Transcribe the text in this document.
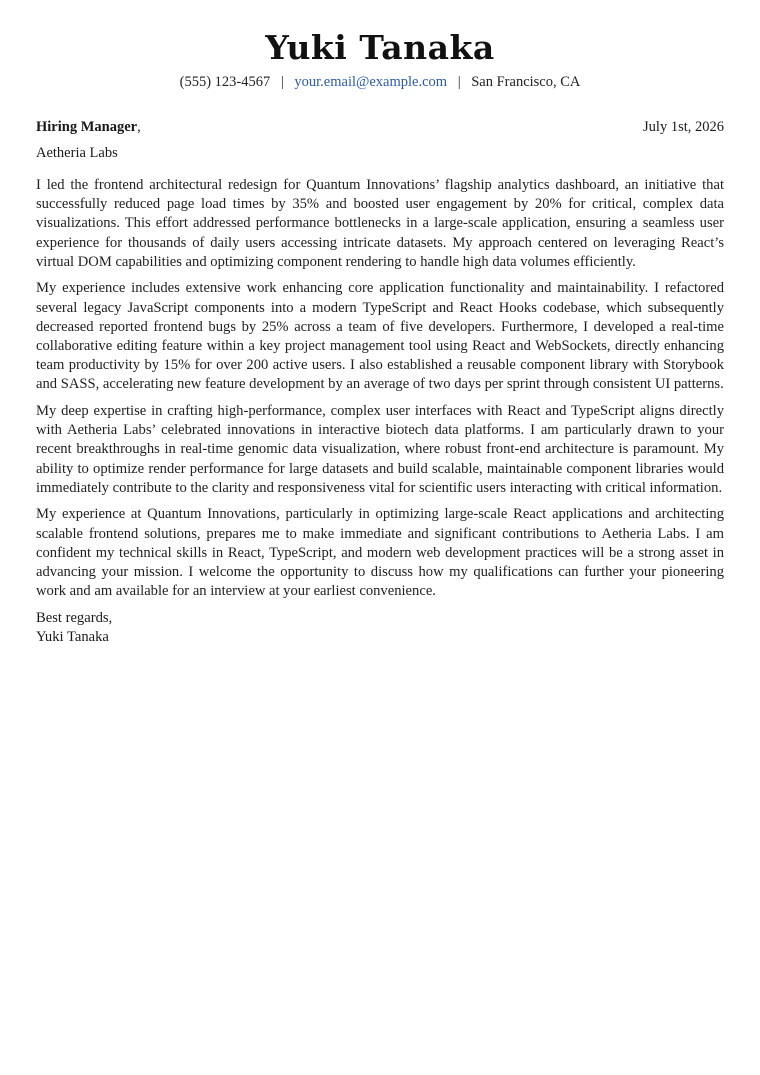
Yuki Tanaka
(555) 123-4567 | your.email@example.com | San Francisco, CA
Hiring Manager,	July 1st, 2026
Aetheria Labs

I led the frontend architectural redesign for Quantum Innovations’ flagship analytics dashboard, an initiative that successfully reduced page load times by 35% and boosted user engagement by 20% for critical, complex data visualizations. This effort addressed performance bottlenecks in a large-scale application, ensuring a seamless user experience for thousands of daily users accessing intricate datasets. My approach centered on leveraging React’s virtual DOM capabilities and optimizing component rendering to handle high data volumes efficiently.

My experience includes extensive work enhancing core application functionality and maintainability. I refactored several legacy JavaScript components into a modern TypeScript and React Hooks codebase, which subsequently decreased reported frontend bugs by 25% across a team of five developers. Furthermore, I developed a real-time collaborative editing feature within a key project management tool using React and WebSockets, directly enhancing team productivity by 15% for over 200 active users. I also established a reusable component library with Storybook and SASS, accelerating new feature development by an average of two days per sprint through consistent UI patterns.

My deep expertise in crafting high-performance, complex user interfaces with React and TypeScript aligns directly with Aetheria Labs’ celebrated innovations in interactive biotech data platforms. I am particularly drawn to your recent breakthroughs in real-time genomic data visualization, where robust front-end architecture is paramount. My ability to optimize render performance for large datasets and build scalable, maintainable component libraries would immediately contribute to the clarity and responsiveness vital for scientific users interacting with critical information.

My experience at Quantum Innovations, particularly in optimizing large-scale React applications and architecting scalable frontend solutions, prepares me to make immediate and significant contributions to Aetheria Labs. I am confident my technical skills in React, TypeScript, and modern web development practices will be a strong asset in advancing your mission. I welcome the opportunity to discuss how my qualifications can further your pioneering work and am available for an interview at your earliest convenience.

Best regards,
Yuki Tanaka
